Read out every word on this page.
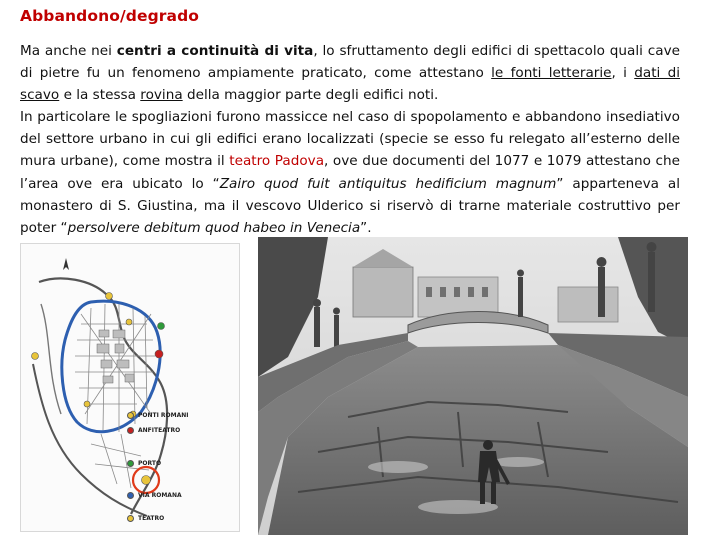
Abbandono/degrado

Ma anche nei centri a continuità di vita, lo sfruttamento degli edifici di spettacolo quali cave di pietre fu un fenomeno ampiamente praticato, come attestano le fonti letterarie, i dati di scavo e la stessa rovina della maggior parte degli edifici noti.

In particolare le spogliazioni furono massicce nel caso di spopolamento e abbandono insediativo del settore urbano in cui gli edifici erano localizzati (specie se esso fu relegato all’esterno delle mura urbane), come mostra il teatro Padova, ove due documenti del 1077 e 1079 attestano che l’area ove era ubicato lo “Zairo quod fuit antiquitus hedificium magnum” apparteneva al monastero di S. Giustina, ma il vescovo Ulderico si riservò di trarne materiale costruttivo per poter “persolvere debitum quod habeo in Venecia”.

PONTI ROMANI
ANFITEATRO
PORTO
VIA ROMANA
TEATRO
